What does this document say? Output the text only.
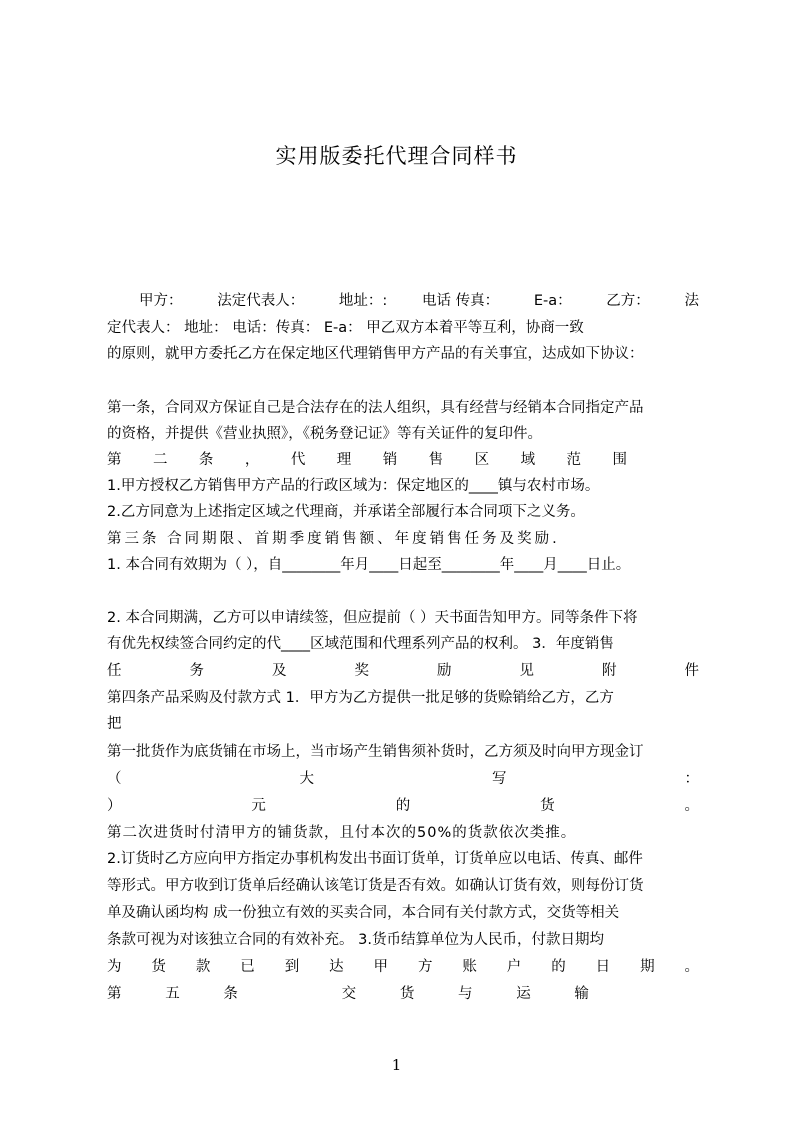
实用版委托代理合同样书
甲方： 法定代表人： 地址：: 电话 传真： E-a： 乙方： 法
定代表人： 地址： 电话：传真： E-a： 甲乙双方本着平等互利，协商一致
的原则，就甲方委托乙方在保定地区代理销售甲方产品的有关事宜，达成如下协议：
第一条，合同双方保证自己是合法存在的法人组织，具有经营与经销本合同指定产品
的资格，并提供《营业执照》，《税务登记证》等有关证件的复印件。
第 二 条 ， 代 理 销 售 区 域 范 围
1.甲方授权乙方销售甲方产品的行政区域为：保定地区的____镇与农村市场。
2.乙方同意为上述指定区域之代理商，并承诺全部履行本合同项下之义务。
第三条 合同期限、首期季度销售额、年度销售任务及奖励.
1. 本合同有效期为（ ），自________年月____日起至________年____月____日止。
2. 本合同期满，乙方可以申请续签，但应提前（ ）天书面告知甲方。同等条件下将
有优先权续签合同约定的代____区域范围和代理系列产品的权利。 3．年度销售
任	务	及	奖	励	见	附	件
第四条产品采购及付款方式 1．甲方为乙方提供一批足够的货赊销给乙方，乙方
把
第一批货作为底货铺在市场上，当市场产生销售须补货时，乙方须及时向甲方现金订
（	大	写	：
）	元	的	货	。
第二次进货时付清甲方的铺货款，且付本次的50%的货款依次类推。
2.订货时乙方应向甲方指定办事机构发出书面订货单，订货单应以电话、传真、邮件
等形式。甲方收到订货单后经确认该笔订货是否有效。如确认订货有效，则每份订货
单及确认函均构 成一份独立有效的买卖合同，本合同有关付款方式，交货等相关
条款可视为对该独立合同的有效补充。 3.货币结算单位为人民币，付款日期均
为 货 款 已 到 达 甲 方 账 户 的 日 期 。
第	五	条	交	货	与	运	输
1
